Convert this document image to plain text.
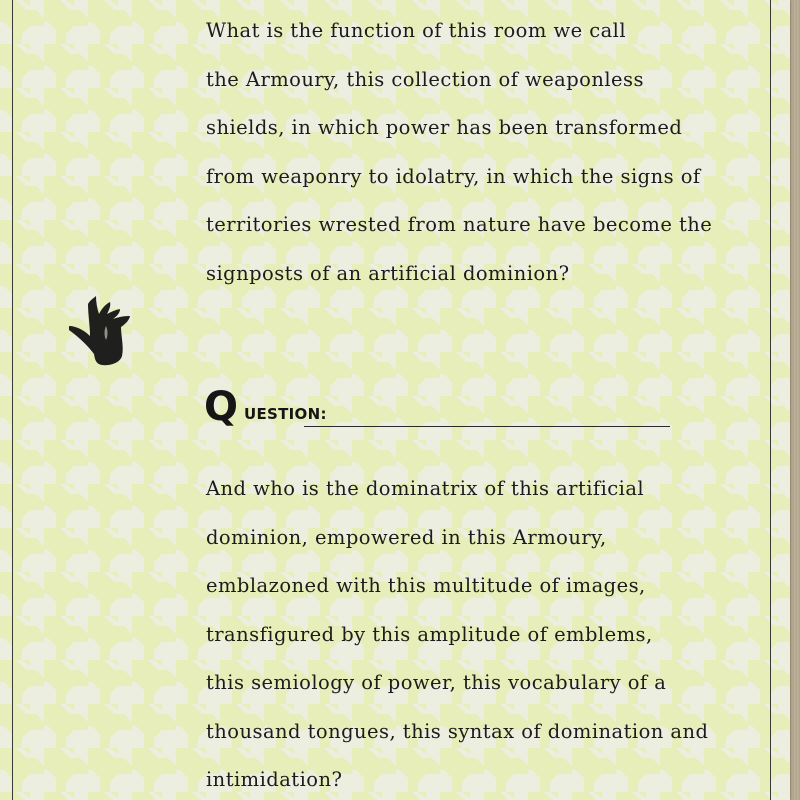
What is the function of this room we call
the Armoury, this collection of weaponless
shields, in which power has been transformed
from weaponry to idolatry, in which the signs of
territories wrested from nature have become the
signposts of an artificial dominion?
Q UESTION:
And who is the dominatrix of this artificial
dominion, empowered in this Armoury,
emblazoned with this multitude of images,
transfigured by this amplitude of emblems,
this semiology of power, this vocabulary of a
thousand tongues, this syntax of domination and
intimidation?
